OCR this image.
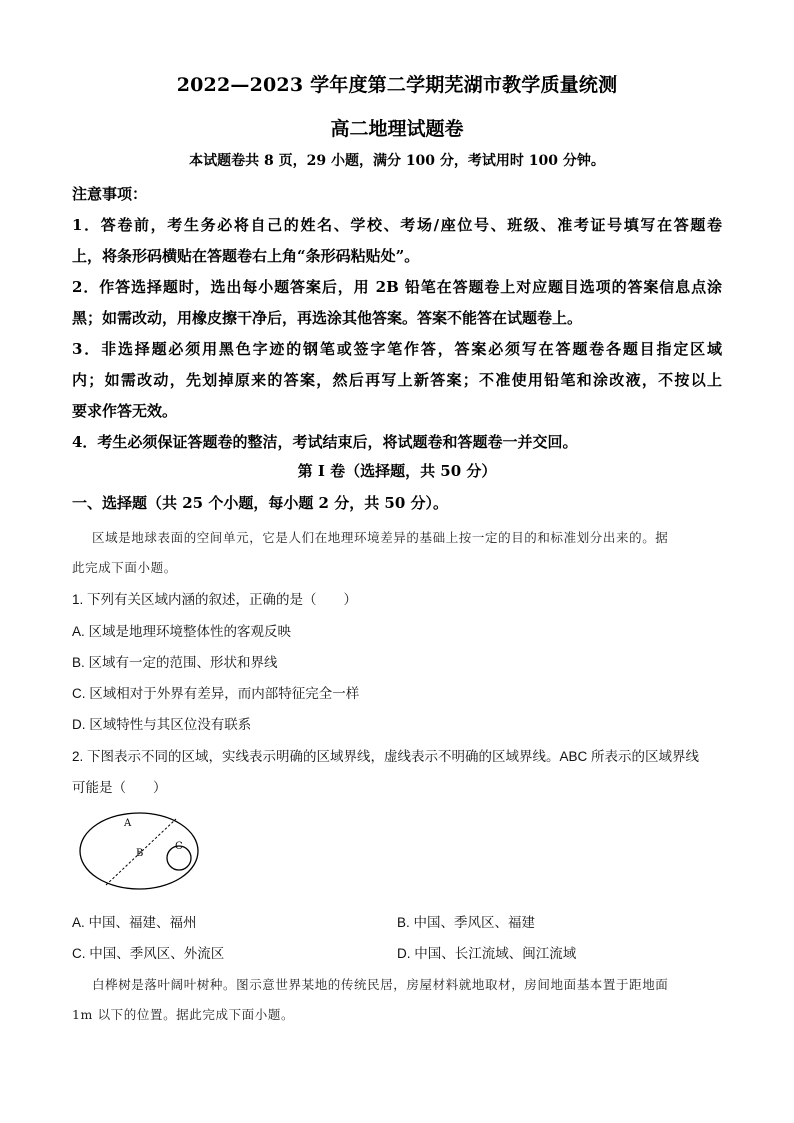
2022—2023 学年度第二学期芜湖市教学质量统测
高二地理试题卷
本试题卷共 8 页，29 小题，满分 100 分，考试用时 100 分钟。
注意事项：
1．答卷前，考生务必将自己的姓名、学校、考场/座位号、班级、准考证号填写在答题卷
上，将条形码横贴在答题卷右上角“条形码粘贴处”。
2．作答选择题时，选出每小题答案后，用 2B 铅笔在答题卷上对应题目选项的答案信息点涂
黑；如需改动，用橡皮擦干净后，再选涂其他答案。答案不能答在试题卷上。
3．非选择题必须用黑色字迹的钢笔或签字笔作答，答案必须写在答题卷各题目指定区域
内；如需改动，先划掉原来的答案，然后再写上新答案；不准使用铅笔和涂改液，不按以上
要求作答无效。
4．考生必须保证答题卷的整洁，考试结束后，将试题卷和答题卷一并交回。
第 I 卷（选择题，共 50 分）
一、选择题（共 25 个小题，每小题 2 分，共 50 分）。
区域是地球表面的空间单元，它是人们在地理环境差异的基础上按一定的目的和标准划分出来的。据
此完成下面小题。
1. 下列有关区域内涵的叙述，正确的是（　　）
A. 区域是地理环境整体性的客观反映
B. 区域有一定的范围、形状和界线
C. 区域相对于外界有差异，而内部特征完全一样
D. 区域特性与其区位没有联系
2. 下图表示不同的区域，实线表示明确的区域界线，虚线表示不明确的区域界线。ABC 所表示的区域界线
可能是（　　）
A
B
C
A. 中国、福建、福州	B. 中国、季风区、福建
C. 中国、季风区、外流区	D. 中国、长江流域、闽江流域
白桦树是落叶阔叶树种。图示意世界某地的传统民居，房屋材料就地取材，房间地面基本置于距地面
1m 以下的位置。据此完成下面小题。
